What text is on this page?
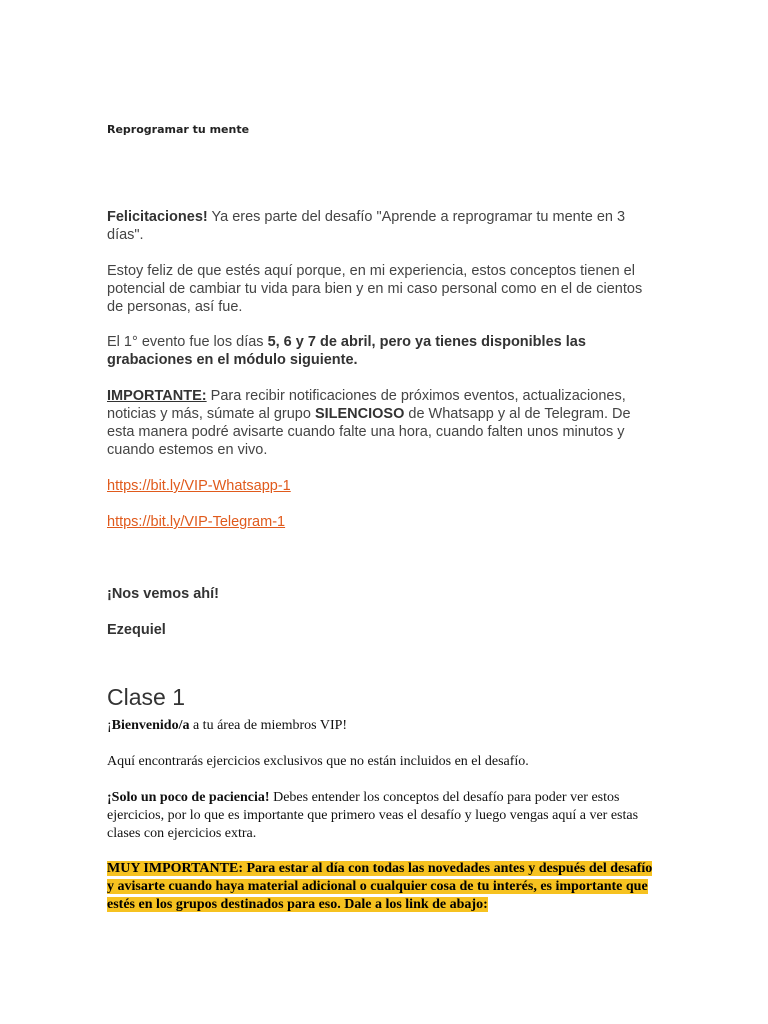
Reprogramar tu mente

Felicitaciones! Ya eres parte del desafío "Aprende a reprogramar tu mente en 3 días".

Estoy feliz de que estés aquí porque, en mi experiencia, estos conceptos tienen el potencial de cambiar tu vida para bien y en mi caso personal como en el de cientos de personas, así fue.

El 1° evento fue los días 5, 6 y 7 de abril, pero ya tienes disponibles las grabaciones en el módulo siguiente.

IMPORTANTE: Para recibir notificaciones de próximos eventos, actualizaciones, noticias y más, súmate al grupo SILENCIOSO de Whatsapp y al de Telegram. De esta manera podré avisarte cuando falte una hora, cuando falten unos minutos y cuando estemos en vivo.

https://bit.ly/VIP-Whatsapp-1

https://bit.ly/VIP-Telegram-1

¡Nos vemos ahí!

Ezequiel

Clase 1

¡Bienvenido/a a tu área de miembros VIP!

Aquí encontrarás ejercicios exclusivos que no están incluidos en el desafío.

¡Solo un poco de paciencia! Debes entender los conceptos del desafío para poder ver estos ejercicios, por lo que es importante que primero veas el desafío y luego vengas aquí a ver estas clases con ejercicios extra.

MUY IMPORTANTE: Para estar al día con todas las novedades antes y después del desafío y avisarte cuando haya material adicional o cualquier cosa de tu interés, es importante que estés en los grupos destinados para eso. Dale a los link de abajo:
